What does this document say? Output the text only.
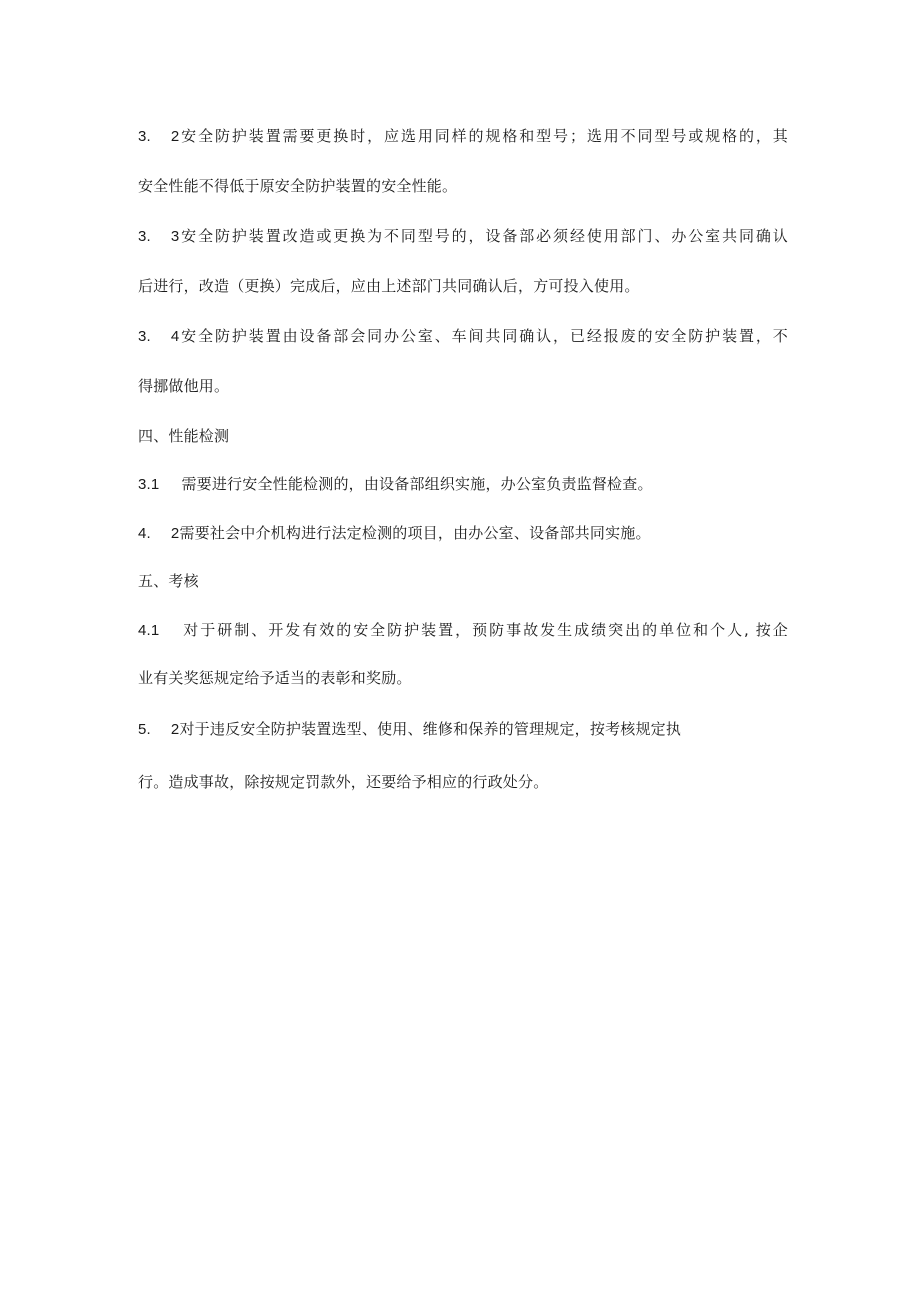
3. 2安全防护装置需要更换时，应选用同样的规格和型号；选用不同型号或规格的，其
安全性能不得低于原安全防护装置的安全性能。
3. 3安全防护装置改造或更换为不同型号的，设备部必须经使用部门、办公室共同确认
后进行，改造（更换）完成后，应由上述部门共同确认后，方可投入使用。
3. 4安全防护装置由设备部会同办公室、车间共同确认，已经报废的安全防护装置，不
得挪做他用。
四、性能检测
3.1 需要进行安全性能检测的，由设备部组织实施，办公室负责监督检查。
4. 2需要社会中介机构进行法定检测的项目，由办公室、设备部共同实施。
五、考核
4.1 对于研制、开发有效的安全防护装置，预防事故发生成绩突出的单位和个人, 按企
业有关奖惩规定给予适当的表彰和奖励。
5. 2对于违反安全防护装置选型、使用、维修和保养的管理规定，按考核规定执
行。造成事故，除按规定罚款外，还要给予相应的行政处分。
